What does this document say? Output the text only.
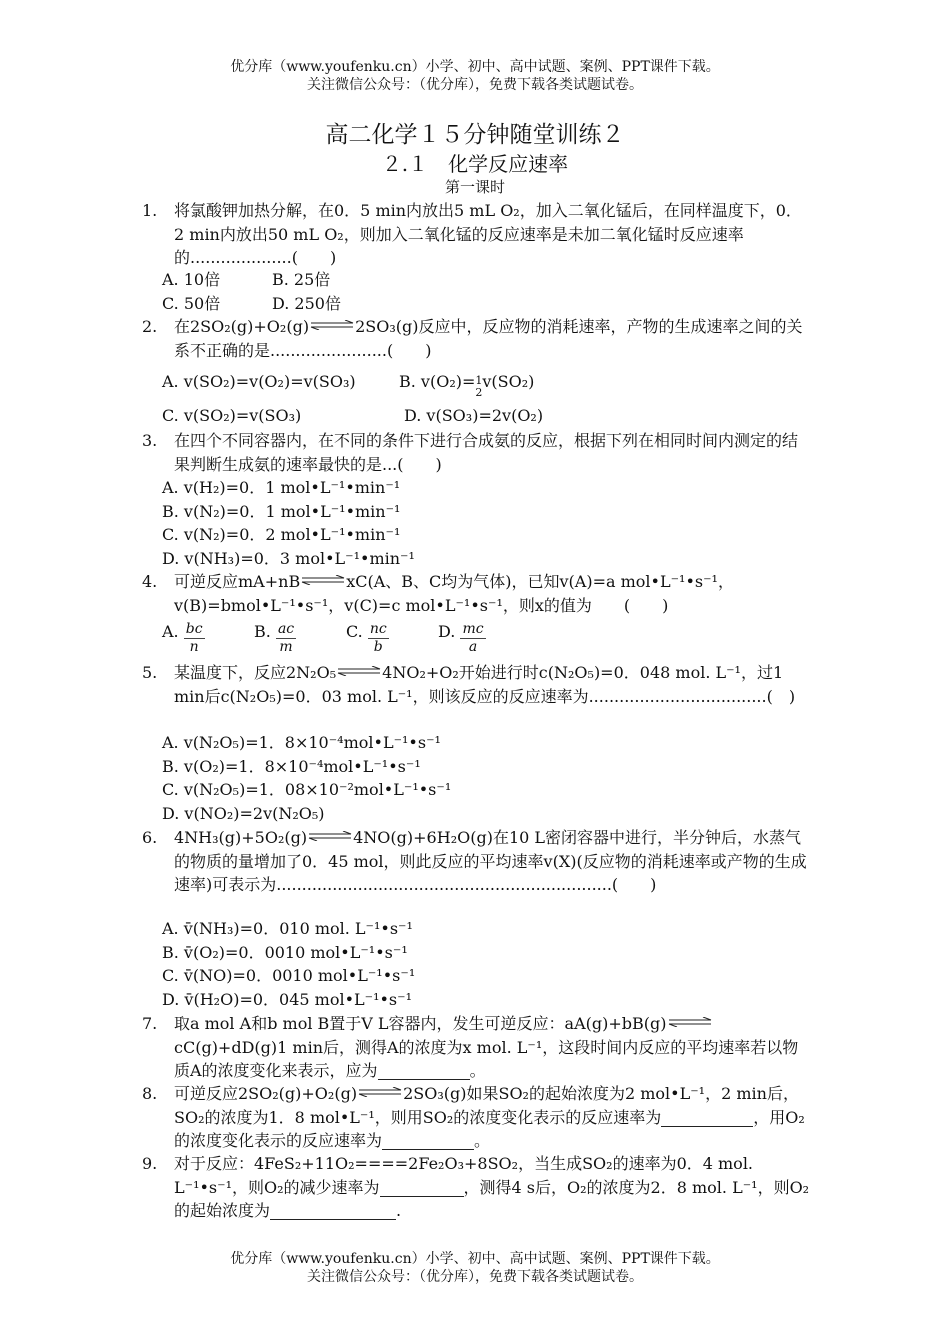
优分库（www.youfenku.cn）小学、初中、高中试题、案例、PPT课件下载。
关注微信公众号：（优分库），免费下载各类试题试卷。
高二化学１５分钟随堂训练２
２.１　化学反应速率
第一课时
1. 将氯酸钾加热分解，在0．5 min内放出5 mL O₂，加入二氧化锰后，在同样温度下，0．2 min内放出50 mL O₂，则加入二氧化锰的反应速率是未加二氧化锰时反应速率的....................(　　)
A. 10倍	B. 25倍
C. 50倍	D. 250倍
2. 在2SO₂(g)+O₂(g)⇌2SO₃(g)反应中，反应物的消耗速率，产物的生成速率之间的关系不正确的是.......................(　　)
A. v(SO₂)=v(O₂)=v(SO₃)	B. v(O₂)= 1
2
v(SO₂)
C. v(SO₂)=v(SO₃)	D. v(SO₃)=2v(O₂)
3. 在四个不同容器内，在不同的条件下进行合成氨的反应，根据下列在相同时间内测定的结果判断生成氨的速率最快的是...(　　)
A. v(H₂)=0．1 mol•L⁻¹•min⁻¹
B. v(N₂)=0．1 mol•L⁻¹•min⁻¹
C. v(N₂)=0．2 mol•L⁻¹•min⁻¹
D. v(NH₃)=0．3 mol•L⁻¹•min⁻¹
4. 可逆反应mA+nB⇌xC(A、B、C均为气体)，已知v(A)=a mol•L⁻¹•s⁻¹，v(B)=bmol•L⁻¹•s⁻¹，v(C)=c mol•L⁻¹•s⁻¹，则x的值为　　(　　)
A. $\frac{bc}{n}$	B. $\frac{ac}{m}$	C. $\frac{nc}{b}$	D. $\frac{mc}{a}$
5. 某温度下，反应2N₂O₅⇌4NO₂+O₂开始进行时c(N₂O₅)=0．048 mol. L⁻¹，过1 min后c(N₂O₅)=0．03 mol. L⁻¹，则该反应的反应速率为...................................(　)
A. v(N₂O₅)=1．8×10⁻⁴mol•L⁻¹•s⁻¹
B. v(O₂)=1．8×10⁻⁴mol•L⁻¹•s⁻¹
C. v(N₂O₅)=1．08×10⁻²mol•L⁻¹•s⁻¹
D. v(NO₂)=2v(N₂O₅)
6. 4NH₃(g)+5O₂(g)⇌4NO(g)+6H₂O(g)在10 L密闭容器中进行，半分钟后，水蒸气的物质的量增加了0．45 mol，则此反应的平均速率v(X)(反应物的消耗速率或产物的生成速率)可表示为..................................................................(　　)
A. v̄(NH₃)=0．010 mol. L⁻¹•s⁻¹
B. v̄(O₂)=0．0010 mol•L⁻¹•s⁻¹
C. v̄(NO)=0．0010 mol•L⁻¹•s⁻¹
D. v̄(H₂O)=0．045 mol•L⁻¹•s⁻¹
7. 取a mol A和b mol B置于V L容器内，发生可逆反应：aA(g)+bB(g)⇌cC(g)+dD(g)1 min后，测得A的浓度为x mol. L⁻¹，这段时间内反应的平均速率若以物质A的浓度变化来表示，应为	。
8. 可逆反应2SO₂(g)+O₂(g)⇌2SO₃(g)如果SO₂的起始浓度为2 mol•L⁻¹，2 min后，SO₂的浓度为1．8 mol•L⁻¹，则用SO₂的浓度变化表示的反应速率为	，用O₂的浓度变化表示的反应速率为	。
9. 对于反应：4FeS₂+11O₂====2Fe₂O₃+8SO₂，当生成SO₂的速率为0．4 mol. L⁻¹•s⁻¹，则O₂的减少速率为	，测得4 s后，O₂的浓度为2．8 mol. L⁻¹，则O₂的起始浓度为	.
优分库（www.youfenku.cn）小学、初中、高中试题、案例、PPT课件下载。
关注微信公众号：（优分库），免费下载各类试题试卷。
